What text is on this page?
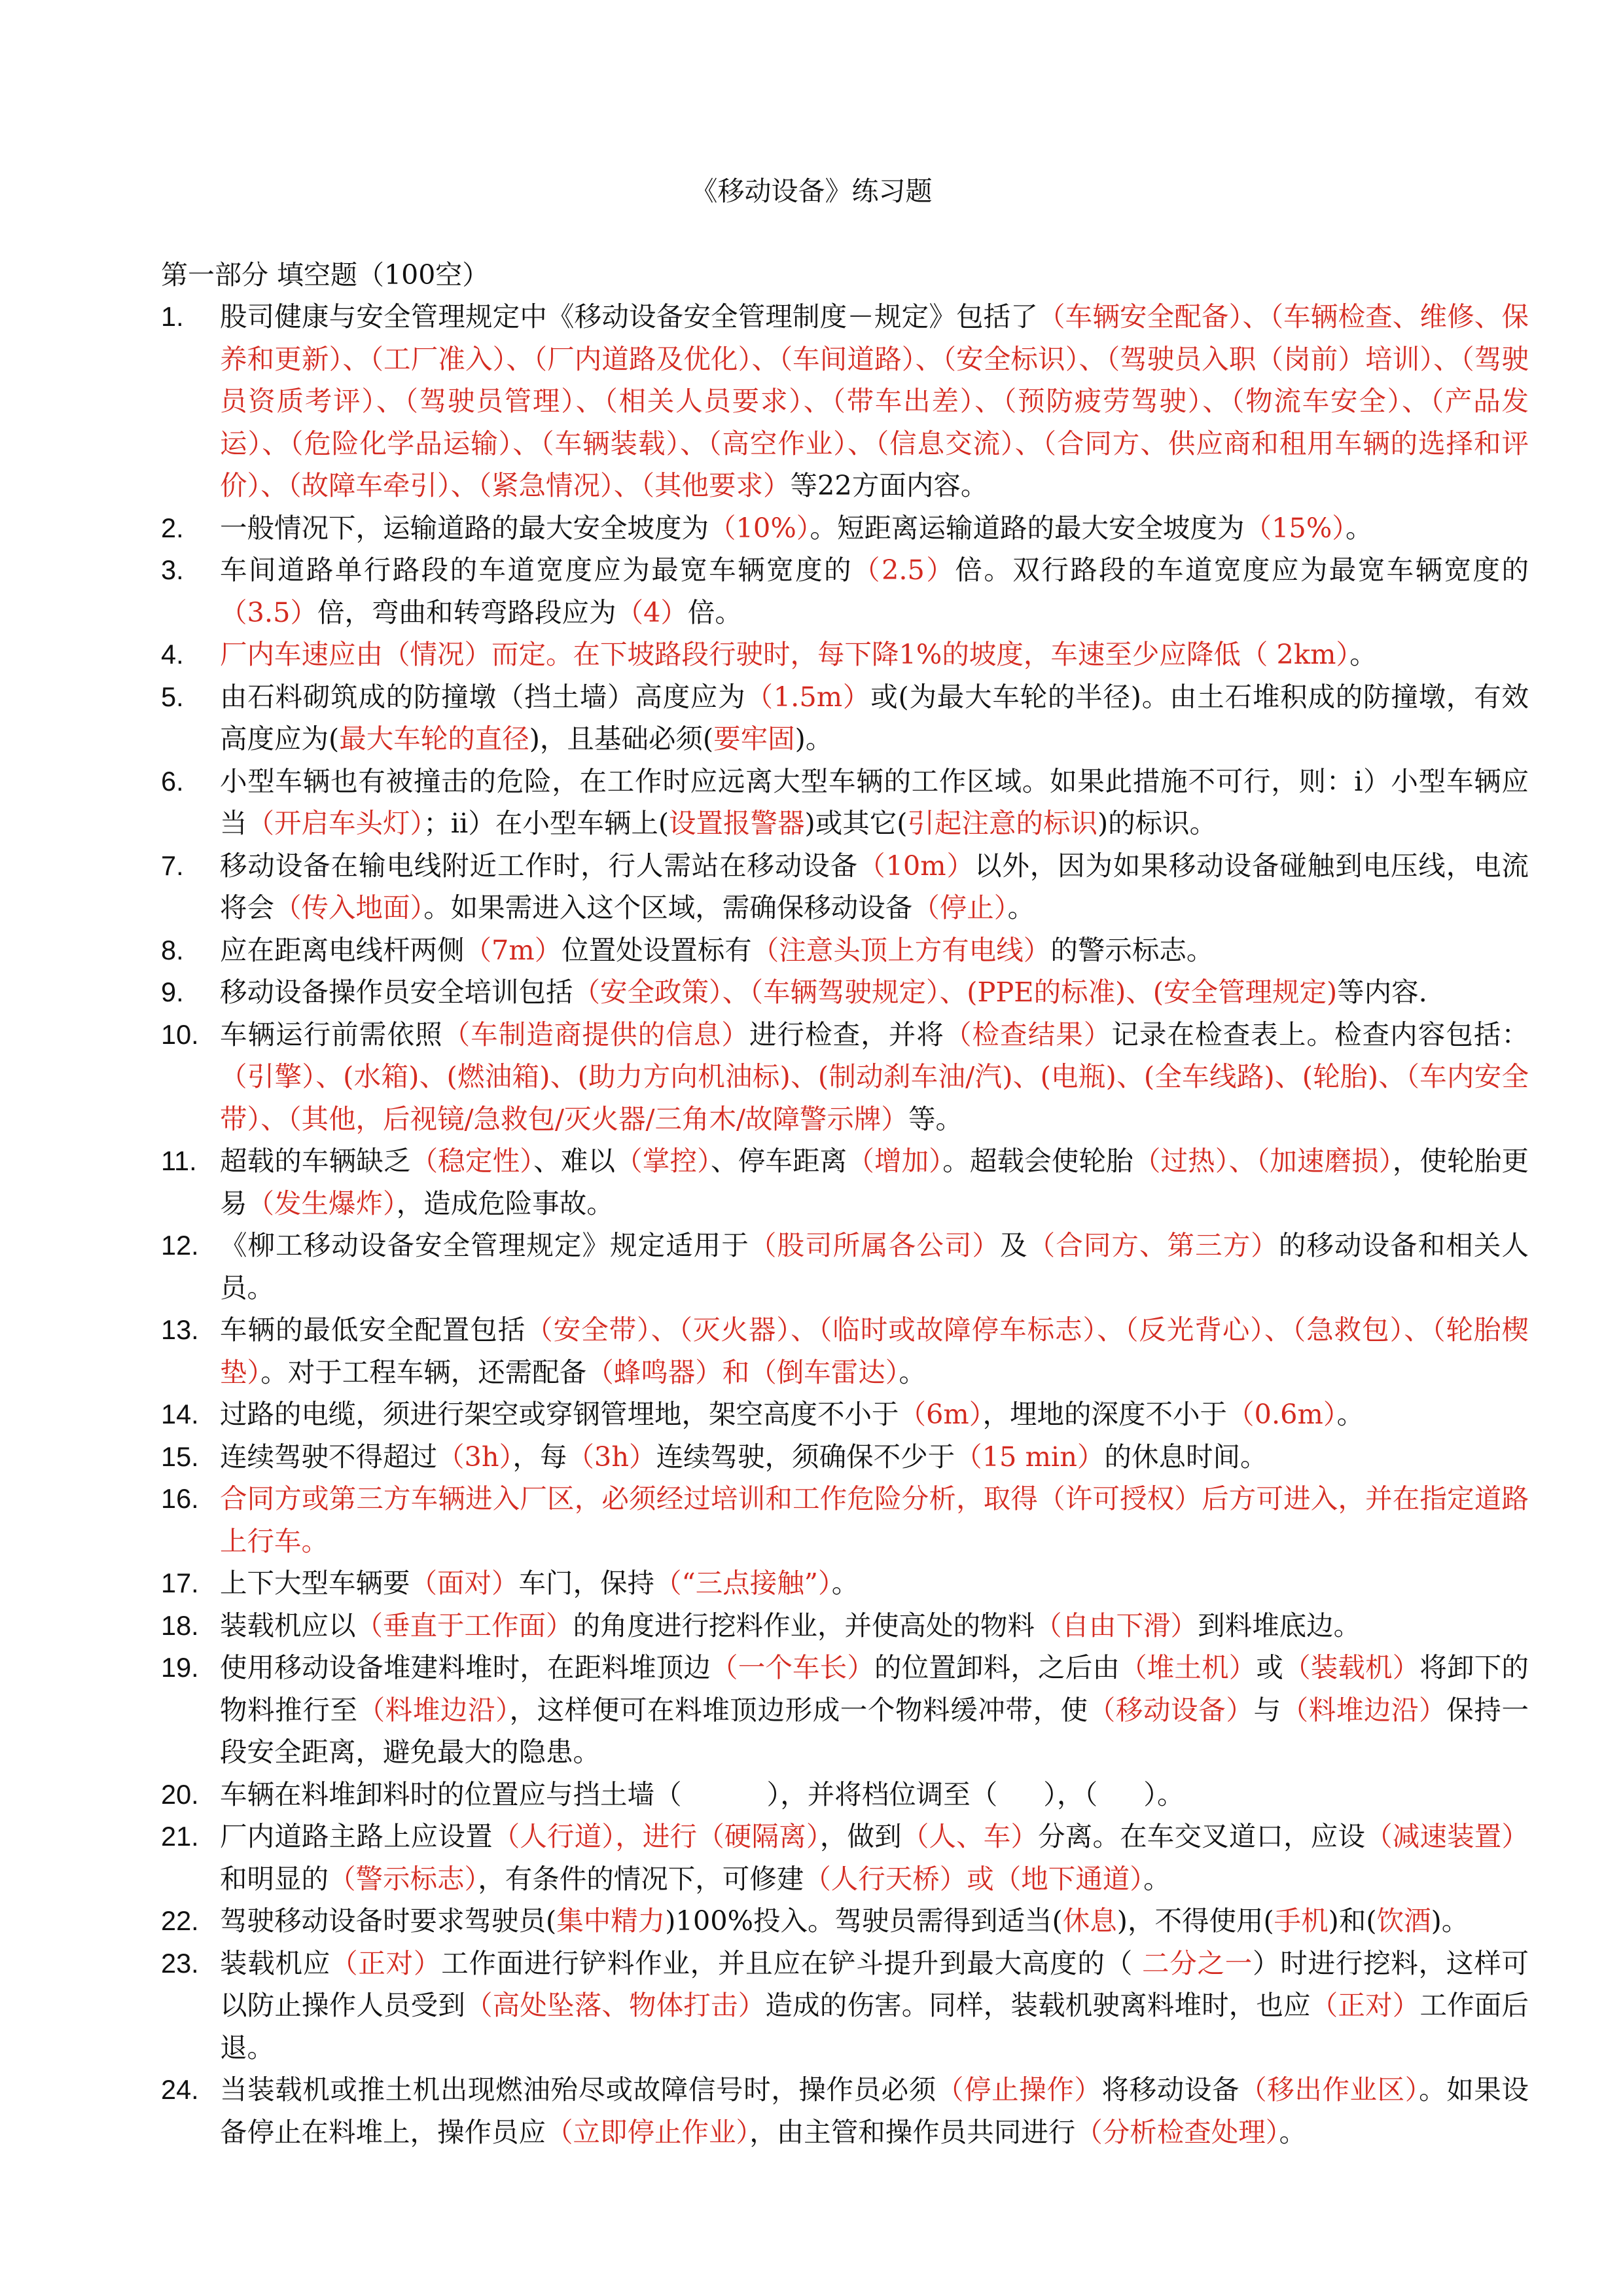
《移动设备》练习题
第一部分 填空题（100空）
1. 股司健康与安全管理规定中《移动设备安全管理制度－规定》包括了（车辆安全配备）、（车辆检查、维修、保养和更新）、（工厂准入）、（厂内道路及优化）、（车间道路）、（安全标识）、（驾驶员入职（岗前）培训）、（驾驶员资质考评）、（驾驶员管理）、（相关人员要求）、（带车出差）、（预防疲劳驾驶）、（物流车安全）、（产品发运）、（危险化学品运输）、（车辆装载）、（高空作业）、（信息交流）、（合同方、供应商和租用车辆的选择和评价）、（故障车牵引）、（紧急情况）、（其他要求）等22方面内容。
2. 一般情况下，运输道路的最大安全坡度为（10%）。短距离运输道路的最大安全坡度为（15%）。
3. 车间道路单行路段的车道宽度应为最宽车辆宽度的（2.5）倍。双行路段的车道宽度应为最宽车辆宽度的（3.5）倍，弯曲和转弯路段应为（4）倍。
4. 厂内车速应由（情况）而定。在下坡路段行驶时，每下降1%的坡度，车速至少应降低（ 2km）。
5. 由石料砌筑成的防撞墩（挡土墙）高度应为（1.5m）或(为最大车轮的半径)。由土石堆积成的防撞墩，有效高度应为(最大车轮的直径)，且基础必须(要牢固)。
6. 小型车辆也有被撞击的危险，在工作时应远离大型车辆的工作区域。如果此措施不可行，则：i）小型车辆应当（开启车头灯）；ii）在小型车辆上(设置报警器)或其它(引起注意的标识)的标识。
7. 移动设备在输电线附近工作时，行人需站在移动设备（10m）以外，因为如果移动设备碰触到电压线，电流将会（传入地面）。如果需进入这个区域，需确保移动设备（停止）。
8. 应在距离电线杆两侧（7m）位置处设置标有（注意头顶上方有电线）的警示标志。
9. 移动设备操作员安全培训包括（安全政策）、（车辆驾驶规定）、(PPE的标准)、(安全管理规定)等内容.
10. 车辆运行前需依照（车制造商提供的信息）进行检查，并将（检查结果）记录在检查表上。检查内容包括：（引擎）、(水箱)、(燃油箱)、(助力方向机油标)、(制动刹车油/汽)、(电瓶)、(全车线路)、(轮胎)、（车内安全带）、（其他，后视镜/急救包/灭火器/三角木/故障警示牌）等。
11. 超载的车辆缺乏（稳定性）、难以（掌控）、停车距离（增加）。超载会使轮胎（过热）、（加速磨损），使轮胎更易（发生爆炸），造成危险事故。
12. 《柳工移动设备安全管理规定》规定适用于（股司所属各公司）及（合同方、第三方）的移动设备和相关人员。
13. 车辆的最低安全配置包括（安全带）、（灭火器）、（临时或故障停车标志）、（反光背心）、（急救包）、（轮胎楔垫）。对于工程车辆，还需配备（蜂鸣器）和（倒车雷达）。
14. 过路的电缆，须进行架空或穿钢管埋地，架空高度不小于（6m），埋地的深度不小于（0.6m）。
15. 连续驾驶不得超过（3h），每（3h）连续驾驶，须确保不少于（15 min）的休息时间。
16. 合同方或第三方车辆进入厂区，必须经过培训和工作危险分析，取得（许可授权）后方可进入，并在指定道路上行车。
17. 上下大型车辆要（面对）车门，保持（“三点接触”）。
18. 装载机应以（垂直于工作面）的角度进行挖料作业，并使高处的物料（自由下滑）到料堆底边。
19. 使用移动设备堆建料堆时，在距料堆顶边（一个车长）的位置卸料，之后由（堆土机）或（装载机）将卸下的物料推行至（料堆边沿），这样便可在料堆顶边形成一个物料缓冲带，使（移动设备）与（料堆边沿）保持一段安全距离，避免最大的隐患。
20. 车辆在料堆卸料时的位置应与挡土墙（	），并将档位调至（ ），（ ）。
21. 厂内道路主路上应设置（人行道），进行（硬隔离），做到（人、车）分离。在车交叉道口，应设（减速装置）和明显的（警示标志），有条件的情况下，可修建（人行天桥）或（地下通道）。
22. 驾驶移动设备时要求驾驶员(集中精力)100%投入。驾驶员需得到适当(休息)，不得使用(手机)和(饮酒)。
23. 装载机应（正对）工作面进行铲料作业，并且应在铲斗提升到最大高度的（ 二分之一）时进行挖料，这样可以防止操作人员受到（高处坠落、物体打击）造成的伤害。同样，装载机驶离料堆时，也应（正对）工作面后退。
24. 当装载机或推土机出现燃油殆尽或故障信号时，操作员必须（停止操作）将移动设备（移出作业区）。如果设备停止在料堆上，操作员应（立即停止作业），由主管和操作员共同进行（分析检查处理）。
